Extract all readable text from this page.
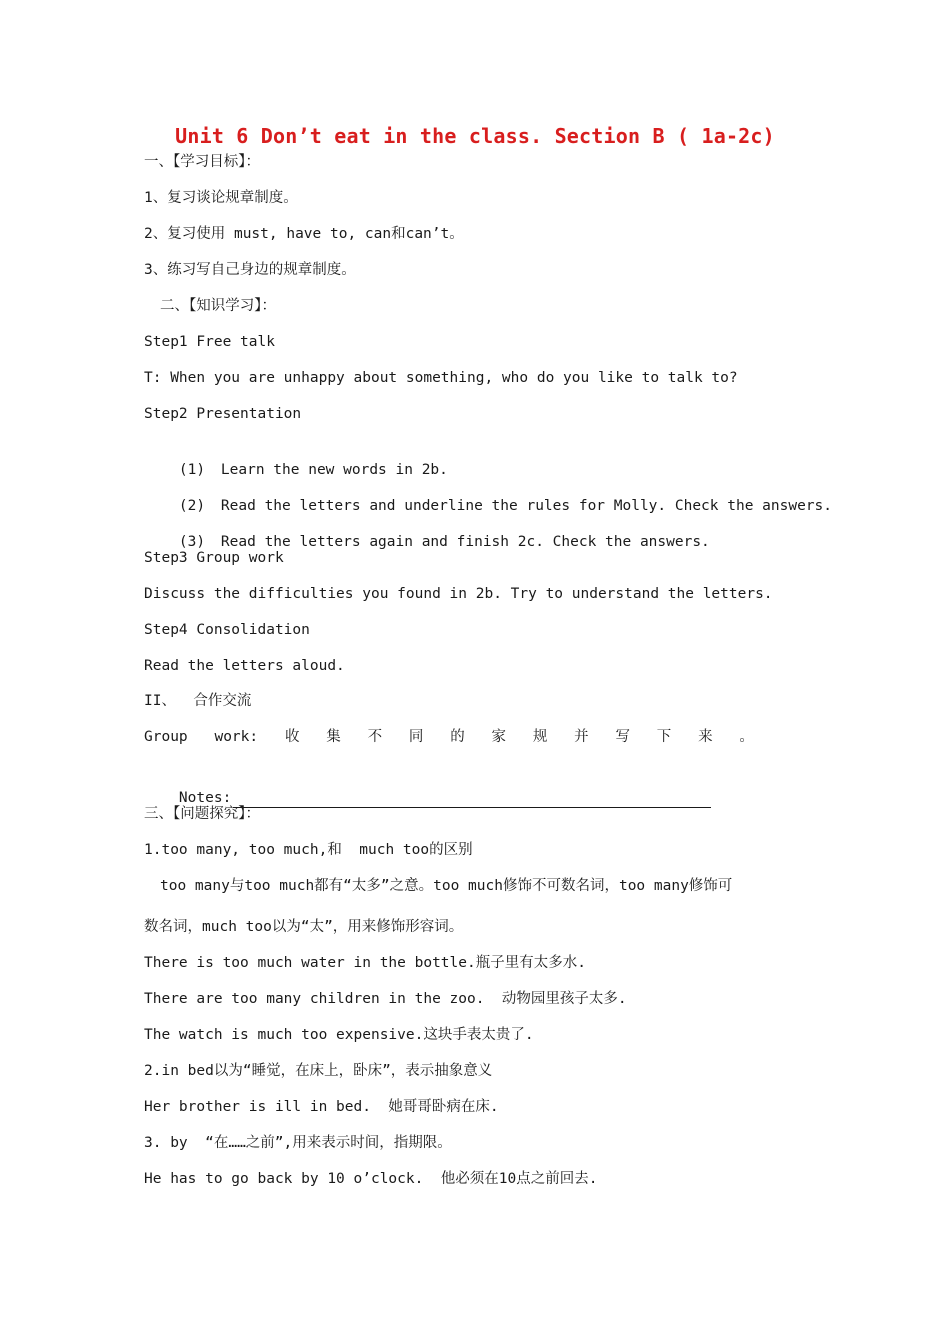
Unit 6 Don’t eat in the class. Section B ( 1a-2c)
一、【学习目标】：
1、复习谈论规章制度。
2、复习使用 must, have to, can和can’t。
3、练习写自己身边的规章制度。
二、【知识学习】：
Step1 Free talk
T: When you are unhappy about something, who do you like to talk to?
Step2 Presentation

(1) Learn the new words in 2b.

(2) Read the letters and underline the rules for Molly. Check the answers.

(3) Read the letters again and finish 2c. Check the answers.

Step3 Group work
Discuss the difficulties you found in 2b. Try to understand the letters.
Step4 Consolidation
Read the letters aloud.
II、  合作交流
Group work: 收 集 不 同 的 家 规 并 写 下 来 。

Notes:

三、【问题探究】：
1.too many, too much,和  much too的区别
too many与too much都有“太多”之意。too much修饰不可数名词，too many修饰可
数名词，much too以为“太”，用来修饰形容词。
There is too much water in the bottle.瓶子里有太多水.
There are too many children in the zoo.  动物园里孩子太多.
The watch is much too expensive.这块手表太贵了.
2.in bed以为“睡觉，在床上，卧床”，表示抽象意义
Her brother is ill in bed.  她哥哥卧病在床.
3. by  “在……之前”,用来表示时间，指期限。
He has to go back by 10 o’clock.  他必须在10点之前回去.
